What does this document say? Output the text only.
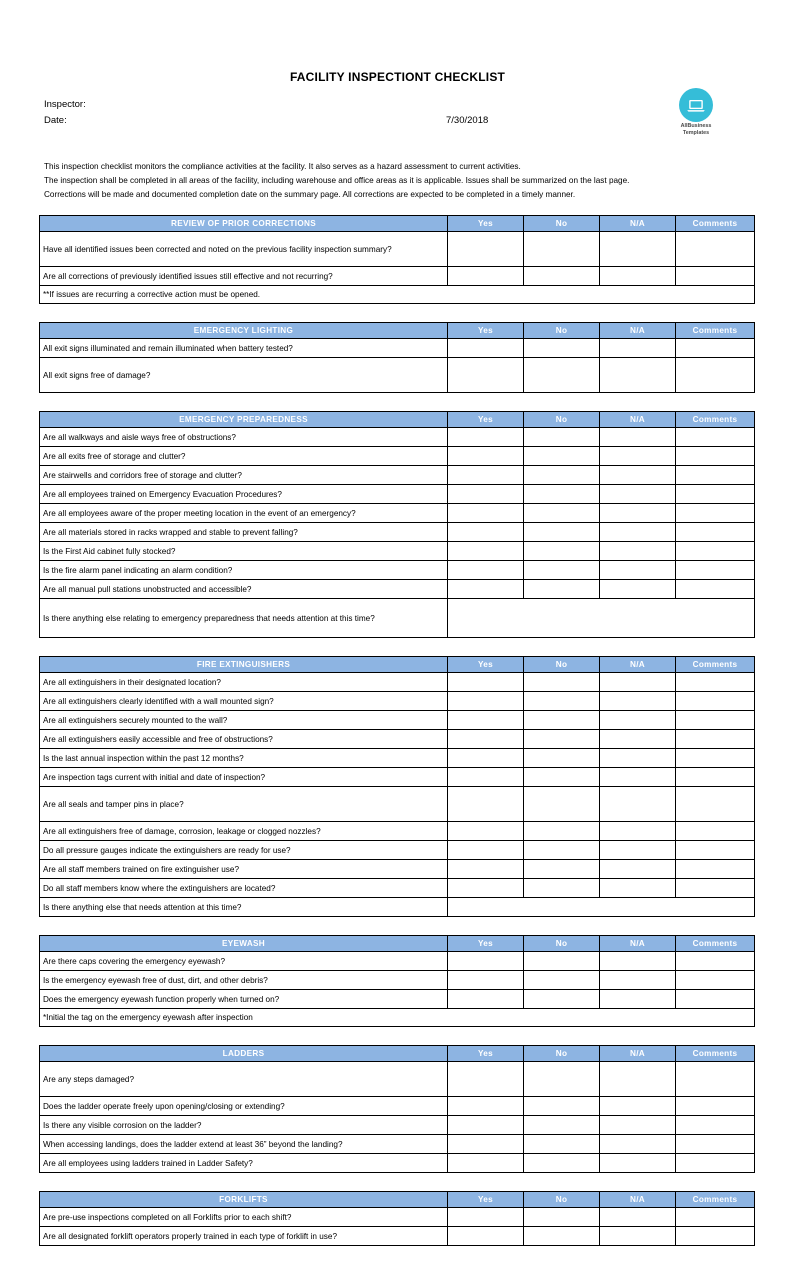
FACILITY INSPECTIONT CHECKLIST
Inspector:
Date:	7/30/2018	AllBusiness
Templates
This inspection checklist monitors the compliance activities at the facility. It also serves as a hazard assessment to current activities.
The inspection shall be completed in all areas of the facility, including warehouse and office areas as it is applicable. Issues shall be summarized on the last page.
Corrections will be made and documented completion date on the summary page. All corrections are expected to be completed in a timely manner.
REVIEW OF PRIOR CORRECTIONS	Yes	No	N/A	Comments
Have all identified issues been corrected and noted on the previous facility inspection summary?				
Are all corrections of previously identified issues still effective and not recurring?				
**If issues are recurring a corrective action must be opened.				
EMERGENCY LIGHTING	Yes	No	N/A	Comments
All exit signs illuminated and remain illuminated when battery tested?				
All exit signs free of damage?				
EMERGENCY PREPAREDNESS	Yes	No	N/A	Comments
Are all walkways and aisle ways free of obstructions?				
Are all exits free of storage and clutter?				
Are stairwells and corridors free of storage and clutter?				
Are all employees trained on Emergency Evacuation Procedures?				
Are all employees aware of the proper meeting location in the event of an emergency?				
Are all materials stored in racks wrapped and stable to prevent falling?				
Is the First Aid cabinet fully stocked?				
Is the fire alarm panel indicating an alarm condition?				
Are all manual pull stations unobstructed and accessible?				
Is there anything else relating to emergency preparedness that needs attention at this time?				
FIRE EXTINGUISHERS	Yes	No	N/A	Comments
Are all extinguishers in their designated location?				
Are all extinguishers clearly identified with a wall mounted sign?				
Are all extinguishers securely mounted to the wall?				
Are all extinguishers easily accessible and free of obstructions?				
Is the last annual inspection within the past 12 months?				
Are inspection tags current with initial and date of inspection?				
Are all seals and tamper pins in place?				
Are all extinguishers free of damage, corrosion, leakage or clogged nozzles?				
Do all pressure gauges indicate the extinguishers are ready for use?				
Are all staff members trained on fire extinguisher use?				
Do all staff members know where the extinguishers are located?				
Is there anything else that needs attention at this time?				
EYEWASH	Yes	No	N/A	Comments
Are there caps covering the emergency eyewash?				
Is the emergency eyewash free of dust, dirt, and other debris?				
Does the emergency eyewash function properly when turned on?				
*Initial the tag on the emergency eyewash after inspection				
LADDERS	Yes	No	N/A	Comments
Are any steps damaged?				
Does the ladder operate freely upon opening/closing or extending?				
Is there any visible corrosion on the ladder?				
When accessing landings, does the ladder extend at least 36” beyond the landing?				
Are all employees using ladders trained in Ladder Safety?				
FORKLIFTS	Yes	No	N/A	Comments
Are pre-use inspections completed on all Forklifts prior to each shift?				
Are all designated forklift operators properly trained in each type of forklift in use?				
